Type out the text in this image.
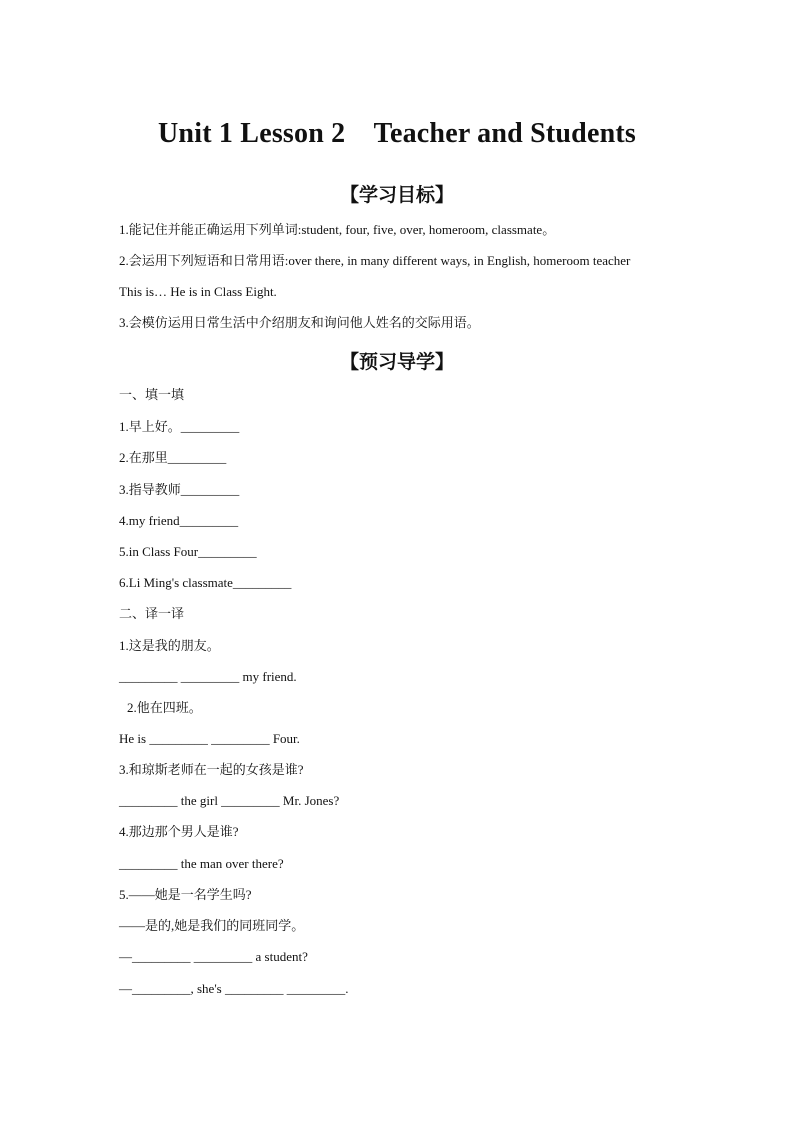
Unit 1 Lesson 2    Teacher and Students
【学习目标】
1.能记住并能正确运用下列单词:student, four, five, over, homeroom, classmate。
2.会运用下列短语和日常用语:over there, in many different ways, in English, homeroom teacher
This is… He is in Class Eight.
3.会模仿运用日常生活中介绍朋友和询问他人姓名的交际用语。
【预习导学】
一、填一填
1.早上好。_________
2.在那里_________
3.指导教师_________
4.my friend_________
5.in Class Four_________
6.Li Ming's classmate_________
二、译一译
1.这是我的朋友。
_________ _________ my friend.
2.他在四班。
He is _________ _________ Four.
3.和琼斯老师在一起的女孩是谁?
_________ the girl _________ Mr. Jones?
4.那边那个男人是谁?
_________ the man over there?
5.——她是一名学生吗?
——是的,她是我们的同班同学。
—_________ _________ a student?
—_________, she's _________ _________.
